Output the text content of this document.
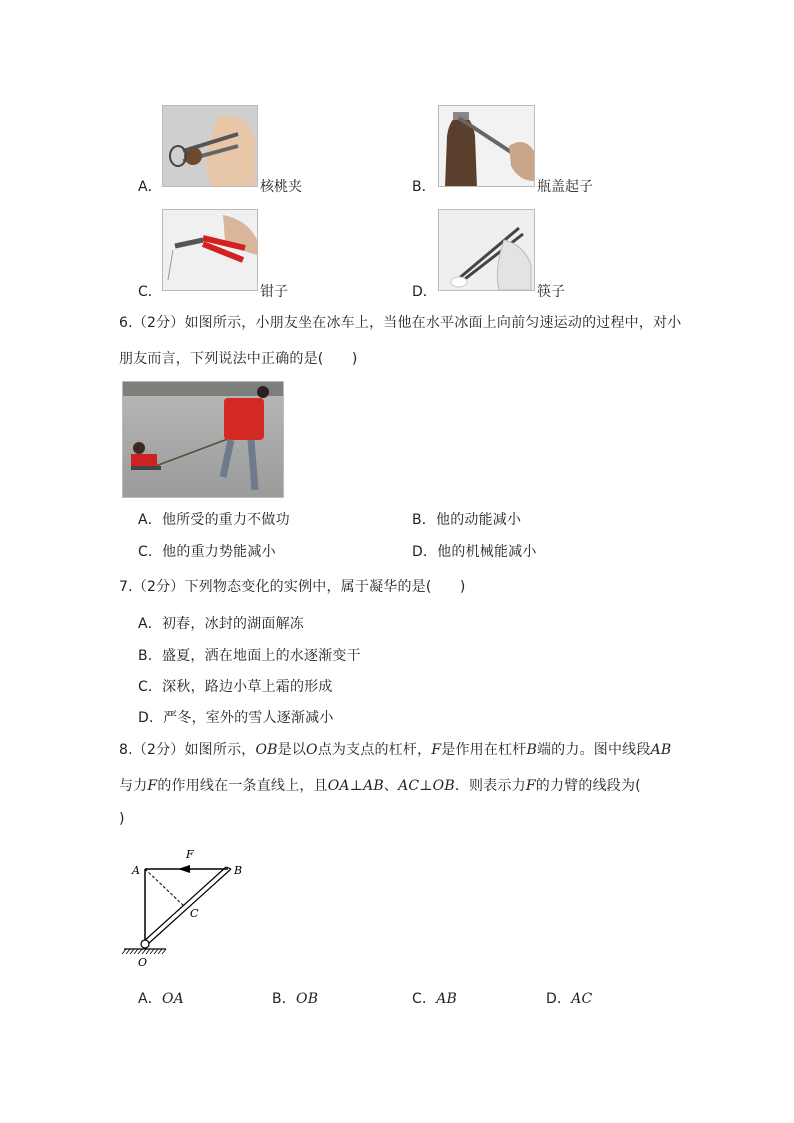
A．	核桃夹	B．	瓶盖起子
C．	钳子	D．	筷子
6.（2分）如图所示，小朋友坐在冰车上，当他在水平冰面上向前匀速运动的过程中，对小
朋友而言，下列说法中正确的是(　　)
A．他所受的重力不做功	B．他的动能减小
C．他的重力势能减小	D．他的机械能减小
7.（2分）下列物态变化的实例中，属于凝华的是(　　)
A．初春，冰封的湖面解冻
B．盛夏，洒在地面上的水逐渐变干
C．深秋，路边小草上霜的形成
D．严冬，室外的雪人逐渐减小
8.（2分）如图所示，OB是以O点为支点的杠杆，F是作用在杠杆B端的力。图中线段AB
与力F的作用线在一条直线上，且OA⊥AB、AC⊥OB．则表示力F的力臂的线段为(
)
A	B
C
O
F
A．OA	B．OB	C．AB	D．AC
